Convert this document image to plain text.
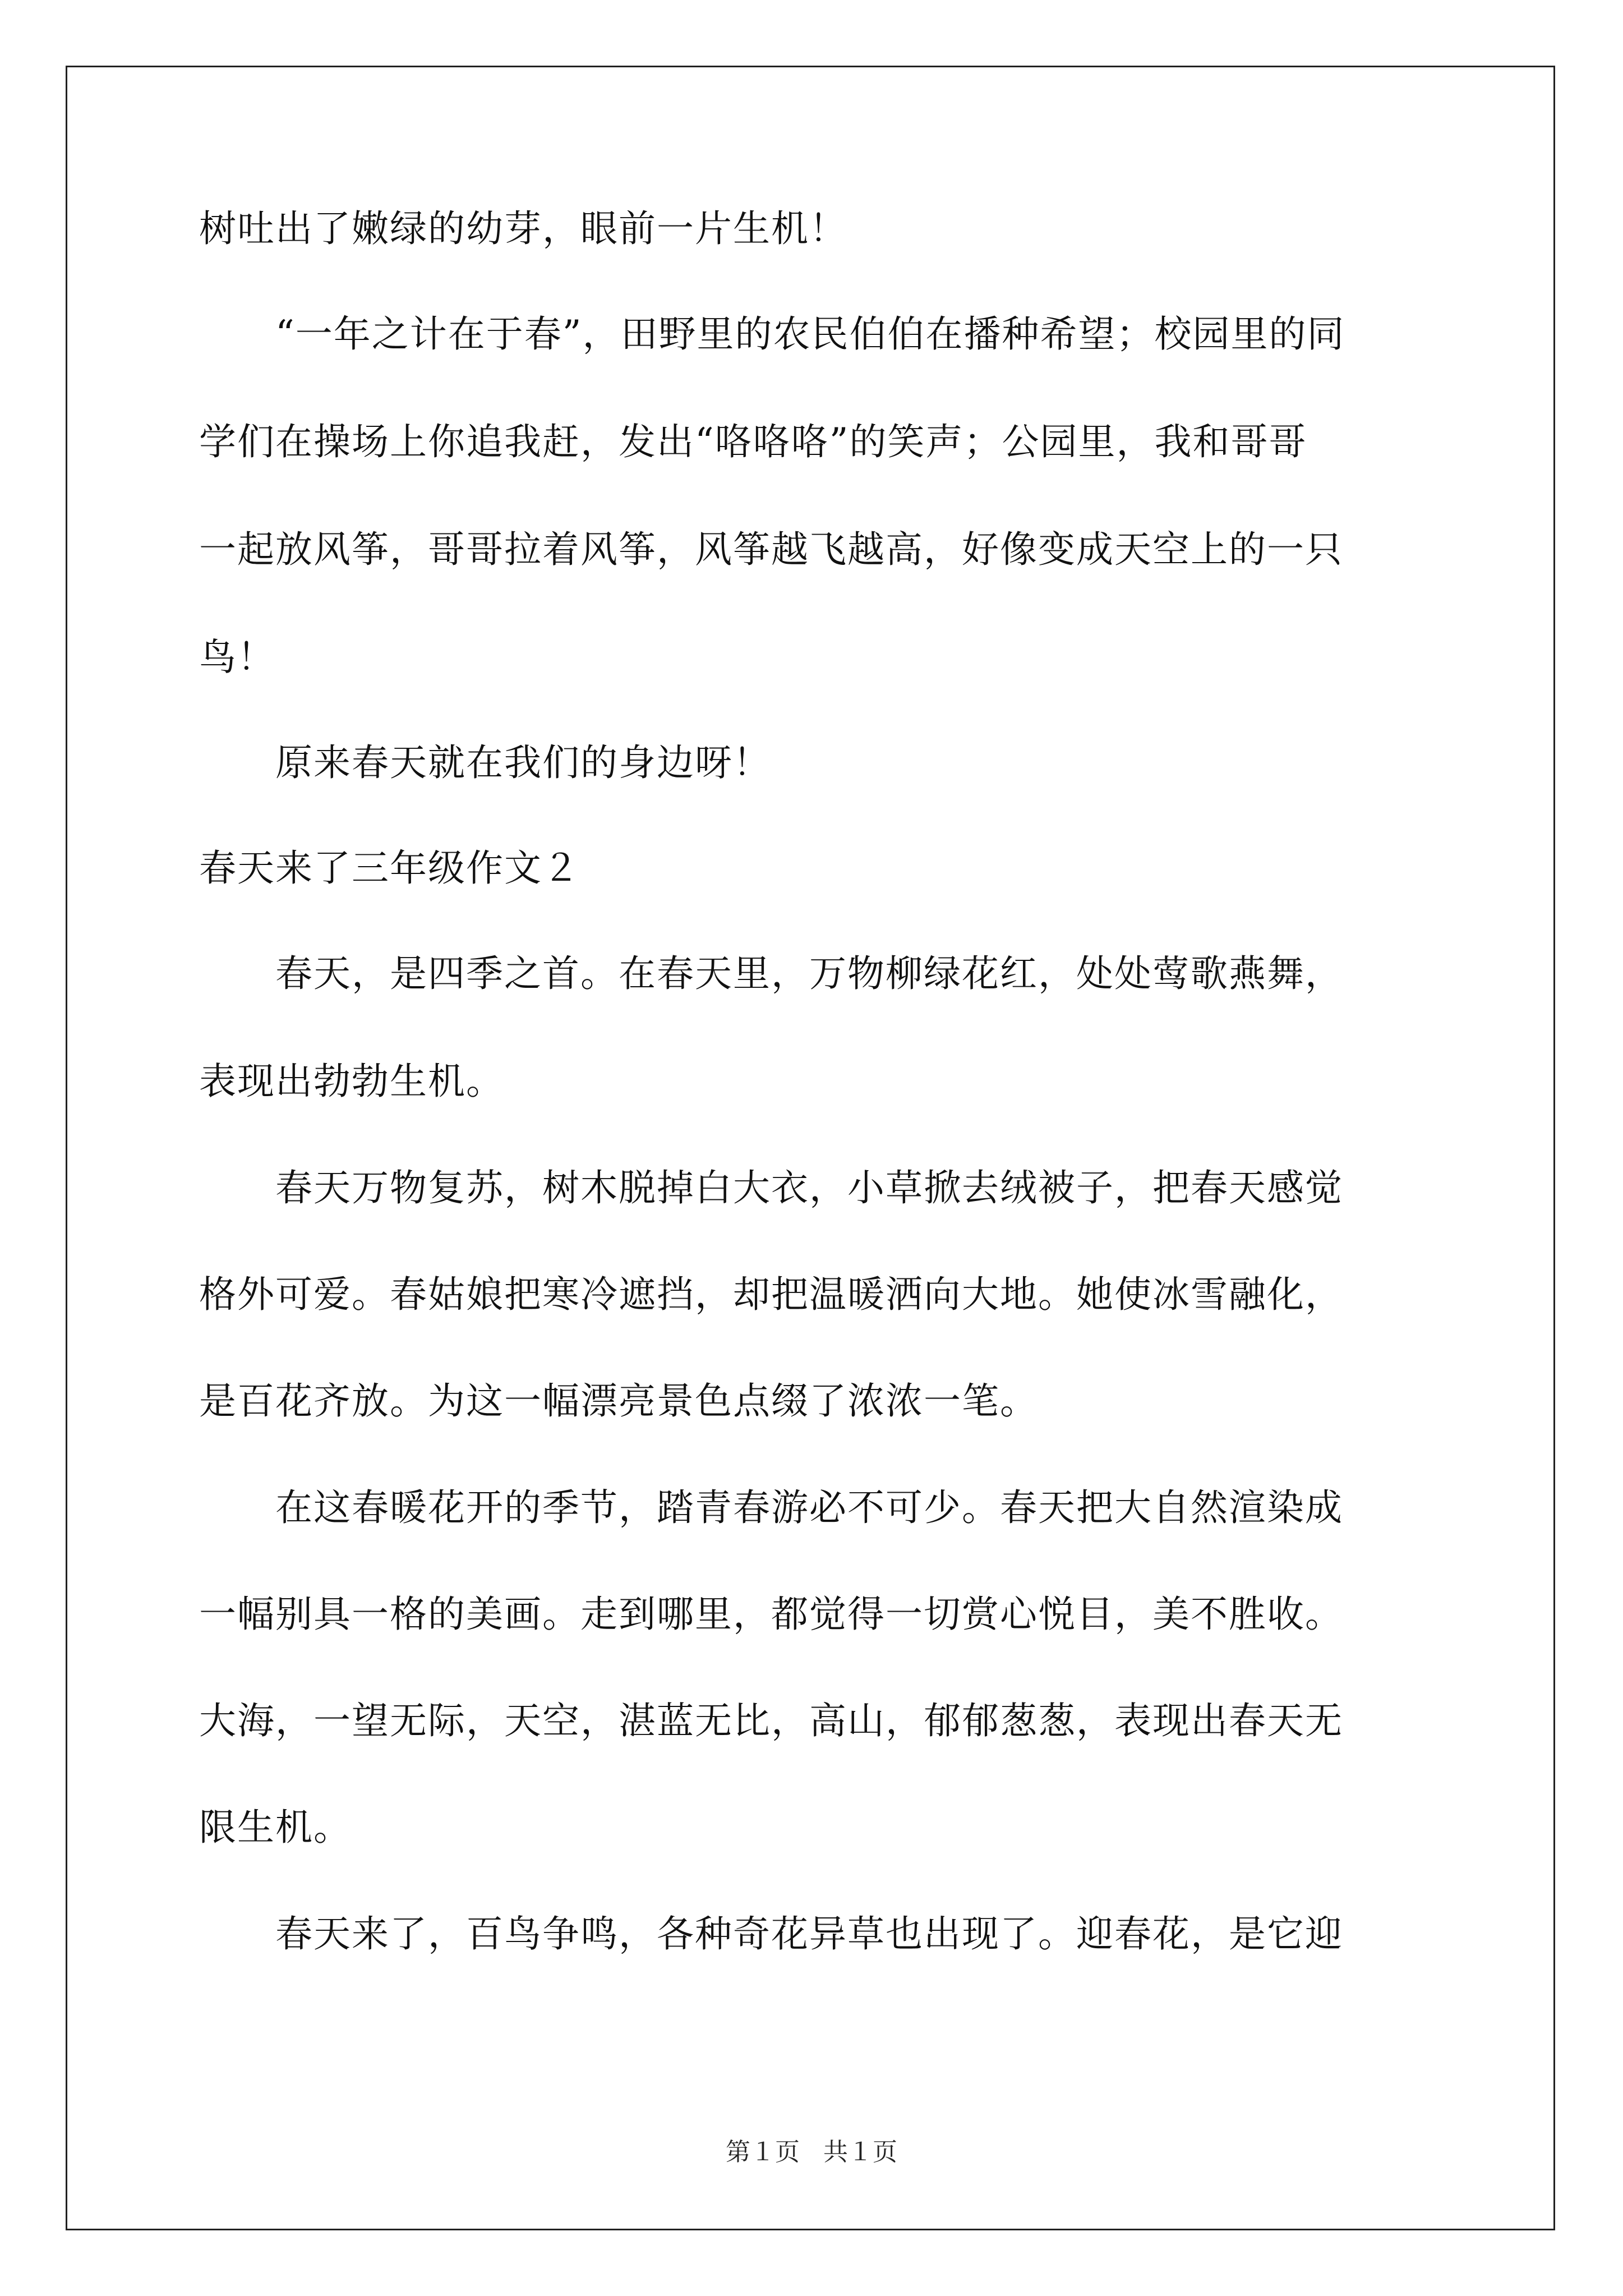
树吐出了嫩绿的幼芽，眼前一片生机！
　　“一年之计在于春”，田野里的农民伯伯在播种希望；校园里的同
学们在操场上你追我赶，发出“咯咯咯”的笑声；公园里，我和哥哥
一起放风筝，哥哥拉着风筝，风筝越飞越高，好像变成天空上的一只
鸟！
　　原来春天就在我们的身边呀！
春天来了三年级作文２
　　春天，是四季之首。在春天里，万物柳绿花红，处处莺歌燕舞，
表现出勃勃生机。
　　春天万物复苏，树木脱掉白大衣，小草掀去绒被子，把春天感觉
格外可爱。春姑娘把寒冷遮挡，却把温暖洒向大地。她使冰雪融化，
是百花齐放。为这一幅漂亮景色点缀了浓浓一笔。
　　在这春暖花开的季节，踏青春游必不可少。春天把大自然渲染成
一幅别具一格的美画。走到哪里，都觉得一切赏心悦目，美不胜收。
大海，一望无际，天空，湛蓝无比，高山，郁郁葱葱，表现出春天无
限生机。
　　春天来了，百鸟争鸣，各种奇花异草也出现了。迎春花，是它迎
第１页 共１页
